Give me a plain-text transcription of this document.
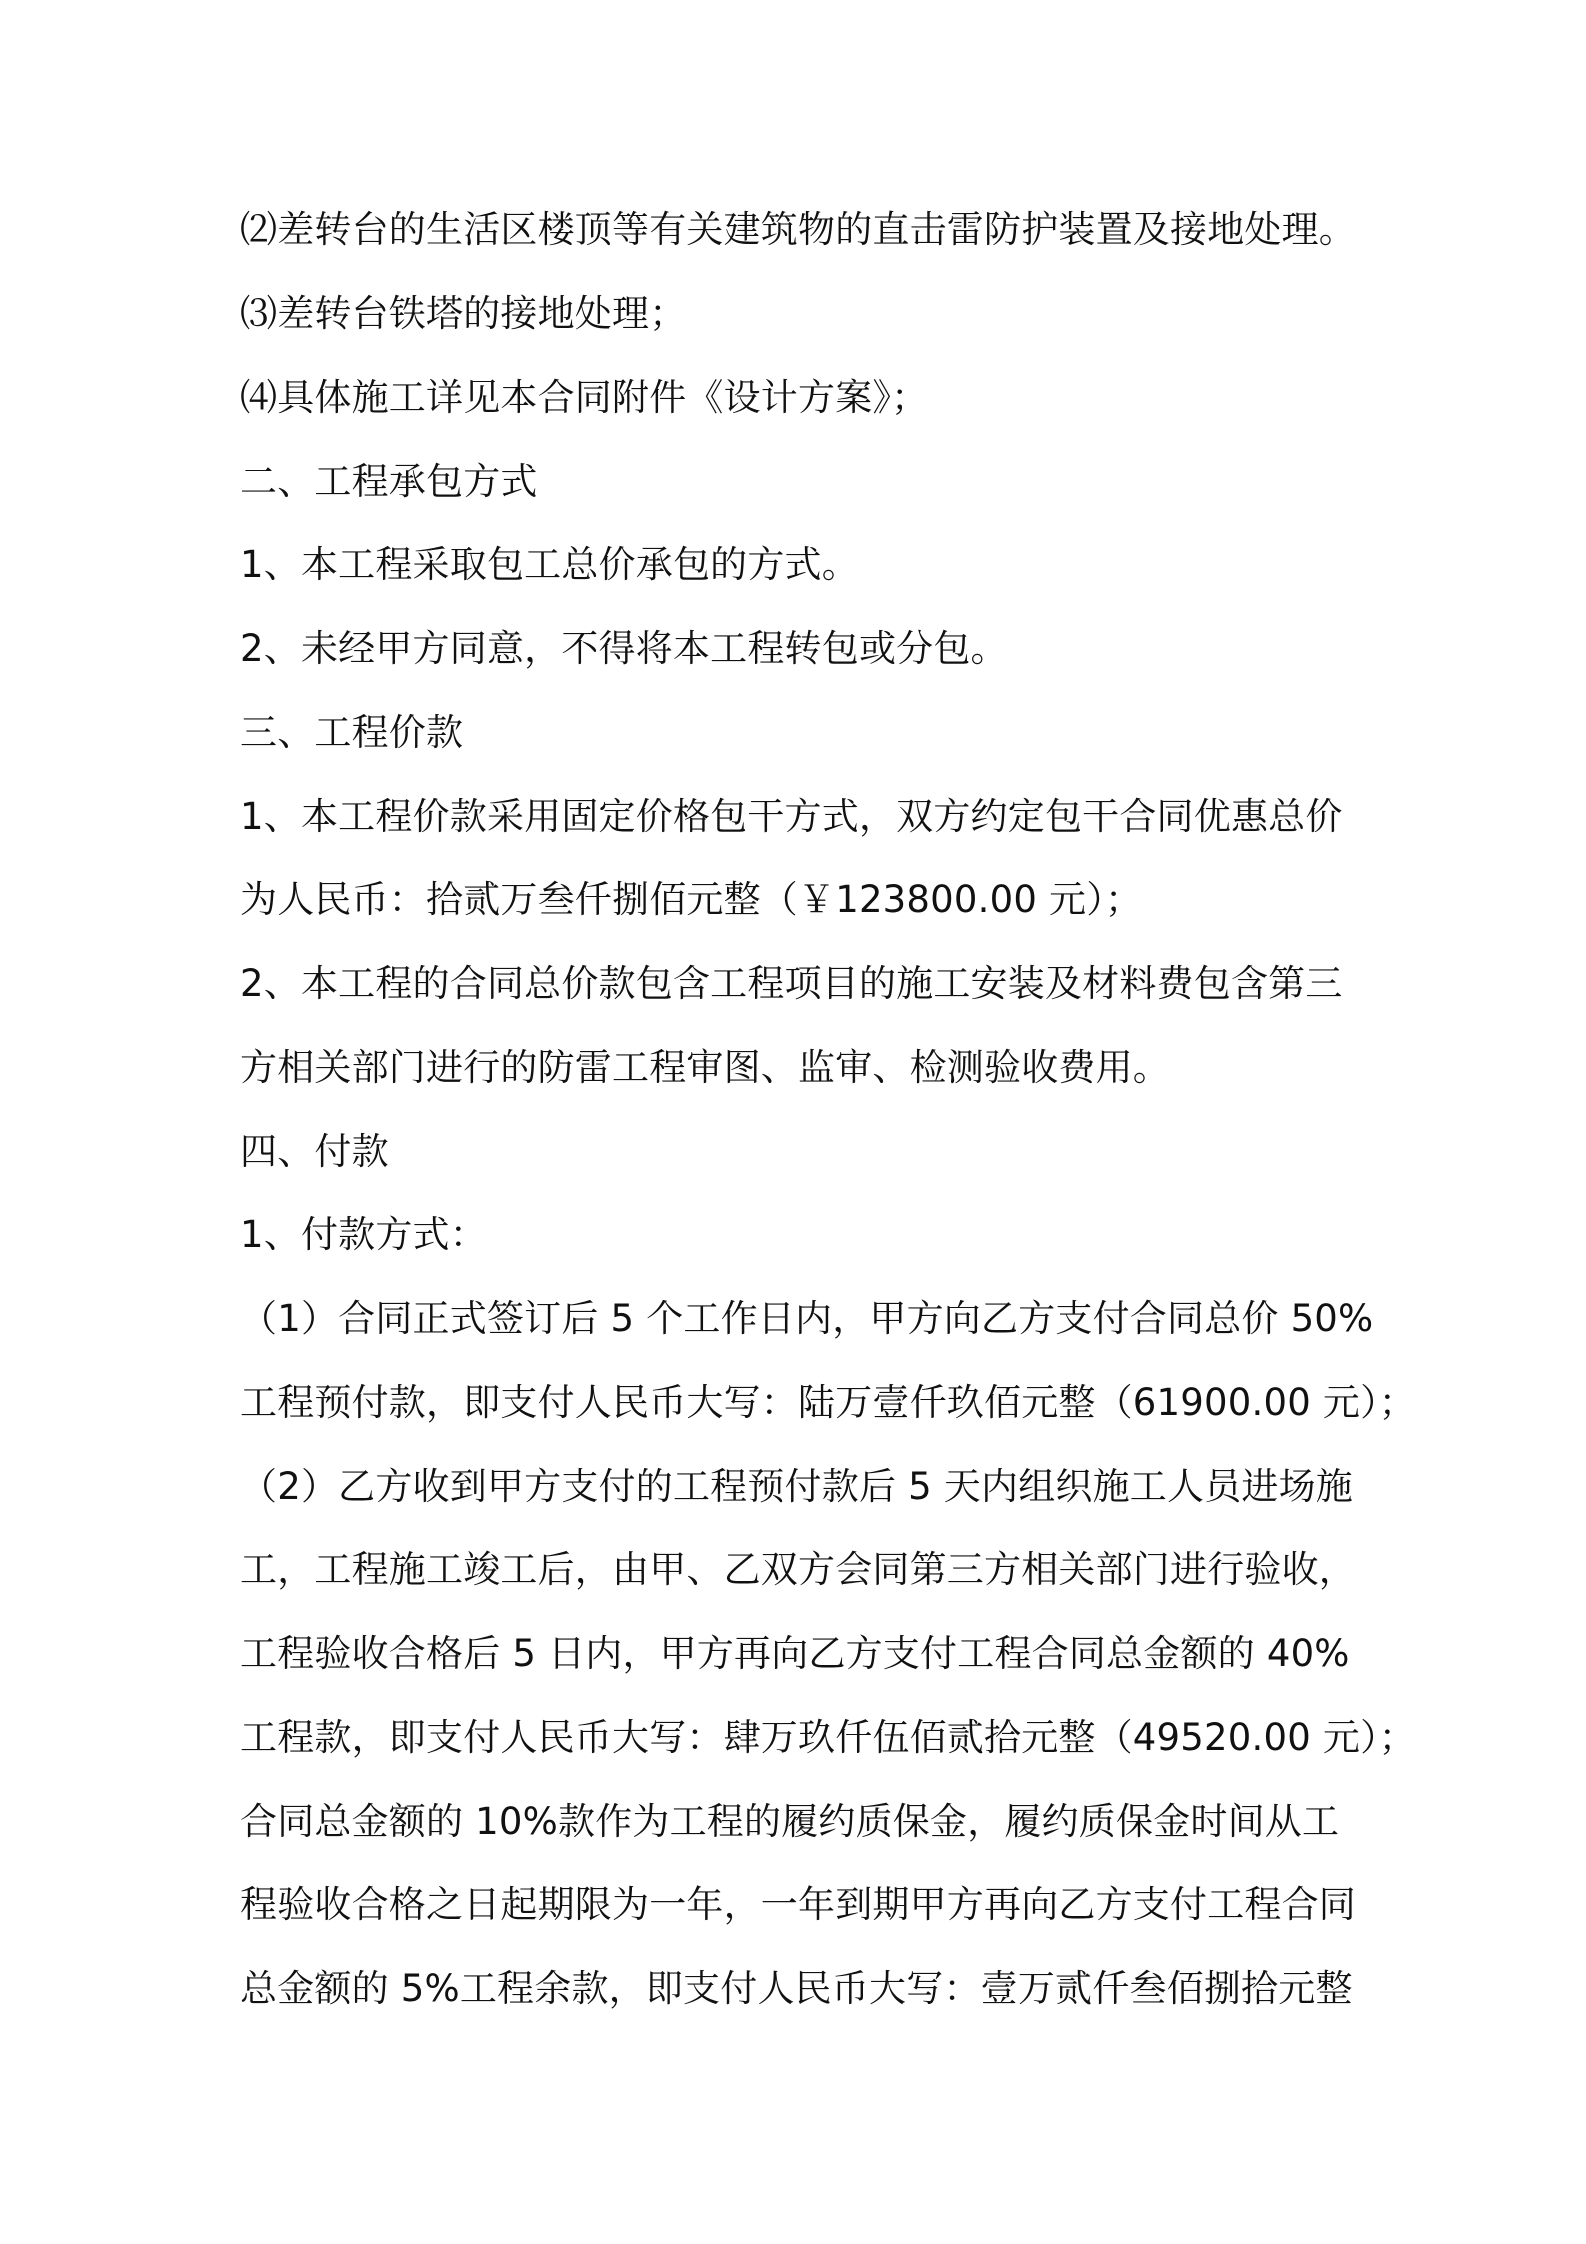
⑵差转台的生活区楼顶等有关建筑物的直击雷防护装置及接地处理。
⑶差转台铁塔的接地处理；
⑷具体施工详见本合同附件《设计方案》；
二、工程承包方式
1、本工程采取包工总价承包的方式。
2、未经甲方同意，不得将本工程转包或分包。
三、工程价款
1、本工程价款采用固定价格包干方式，双方约定包干合同优惠总价
为人民币：拾贰万叁仟捌佰元整（￥123800.00 元）；
2、本工程的合同总价款包含工程项目的施工安装及材料费包含第三
方相关部门进行的防雷工程审图、监审、检测验收费用。
四、付款
1、付款方式：
（1）合同正式签订后 5 个工作日内，甲方向乙方支付合同总价 50%
工程预付款，即支付人民币大写：陆万壹仟玖佰元整（61900.00 元）；
（2）乙方收到甲方支付的工程预付款后 5 天内组织施工人员进场施
工，工程施工竣工后，由甲、乙双方会同第三方相关部门进行验收，
工程验收合格后 5 日内，甲方再向乙方支付工程合同总金额的 40%
工程款，即支付人民币大写：肆万玖仟伍佰贰拾元整（49520.00 元）；
合同总金额的 10%款作为工程的履约质保金，履约质保金时间从工
程验收合格之日起期限为一年，一年到期甲方再向乙方支付工程合同
总金额的 5%工程余款，即支付人民币大写：壹万贰仟叁佰捌拾元整
